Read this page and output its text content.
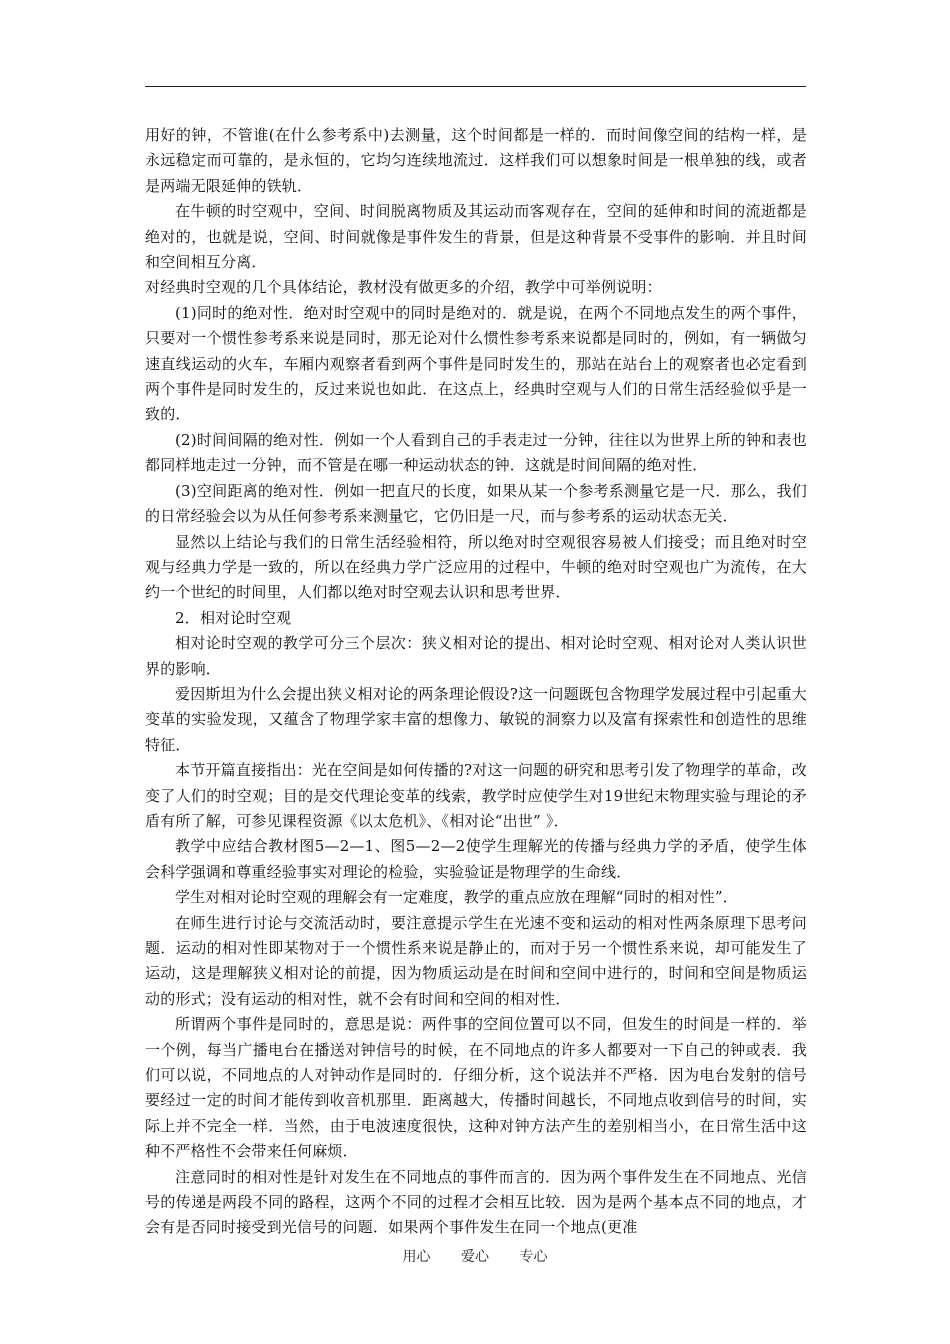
用好的钟，不管谁(在什么参考系中)去测量，这个时间都是一样的．而时间像空间的结构一样，是永远稳定而可靠的，是永恒的，它均匀连续地流过．这样我们可以想象时间是一根单独的线，或者是两端无限延伸的铁轨．

在牛顿的时空观中，空间、时间脱离物质及其运动而客观存在，空间的延伸和时间的流逝都是绝对的，也就是说，空间、时间就像是事件发生的背景，但是这种背景不受事件的影响．并且时间和空间相互分离．

对经典时空观的几个具体结论，教材没有做更多的介绍，教学中可举例说明：

(1)同时的绝对性．绝对时空观中的同时是绝对的．就是说，在两个不同地点发生的两个事件，只要对一个惯性参考系来说是同时，那无论对什么惯性参考系来说都是同时的，例如，有一辆做匀速直线运动的火车，车厢内观察者看到两个事件是同时发生的，那站在站台上的观察者也必定看到两个事件是同时发生的，反过来说也如此．在这点上，经典时空观与人们的日常生活经验似乎是一致的．

(2)时间间隔的绝对性．例如一个人看到自己的手表走过一分钟，往往以为世界上所的钟和表也都同样地走过一分钟，而不管是在哪一种运动状态的钟．这就是时间间隔的绝对性．

(3)空间距离的绝对性．例如一把直尺的长度，如果从某一个参考系测量它是一尺．那么，我们的日常经验会以为从任何参考系来测量它，它仍旧是一尺，而与参考系的运动状态无关．

显然以上结论与我们的日常生活经验相符，所以绝对时空观很容易被人们接受；而且绝对时空观与经典力学是一致的，所以在经典力学广泛应用的过程中，牛顿的绝对时空观也广为流传，在大约一个世纪的时间里，人们都以绝对时空观去认识和思考世界．

2．相对论时空观

相对论时空观的教学可分三个层次：狭义相对论的提出、相对论时空观、相对论对人类认识世界的影响．

爱因斯坦为什么会提出狭义相对论的两条理论假设?这一问题既包含物理学发展过程中引起重大变革的实验发现，又蕴含了物理学家丰富的想像力、敏锐的洞察力以及富有探索性和创造性的思维特征．

本节开篇直接指出：光在空间是如何传播的?对这一问题的研究和思考引发了物理学的革命，改变了人们的时空观；目的是交代理论变革的线索，教学时应使学生对19世纪末物理实验与理论的矛盾有所了解，可参见课程资源《以太危机》、《相对论“出世” 》．

教学中应结合教材图5—2—1、图5—2—2使学生理解光的传播与经典力学的矛盾，使学生体会科学强调和尊重经验事实对理论的检验，实验验证是物理学的生命线．

学生对相对论时空观的理解会有一定难度，教学的重点应放在理解“同时的相对性”．

在师生进行讨论与交流活动时，要注意提示学生在光速不变和运动的相对性两条原理下思考问题．运动的相对性即某物对于一个惯性系来说是静止的，而对于另一个惯性系来说，却可能发生了运动，这是理解狭义相对论的前提，因为物质运动是在时间和空间中进行的，时间和空间是物质运动的形式；没有运动的相对性，就不会有时间和空间的相对性．

所谓两个事件是同时的，意思是说：两件事的空间位置可以不同，但发生的时间是一样的．举一个例，每当广播电台在播送对钟信号的时候，在不同地点的许多人都要对一下自己的钟或表．我们可以说，不同地点的人对钟动作是同时的．仔细分析，这个说法并不严格．因为电台发射的信号要经过一定的时间才能传到收音机那里．距离越大，传播时间越长，不同地点收到信号的时间，实际上并不完全一样．当然，由于电波速度很快，这种对钟方法产生的差别相当小，在日常生活中这种不严格性不会带来任何麻烦．

注意同时的相对性是针对发生在不同地点的事件而言的．因为两个事件发生在不同地点、光信号的传递是两段不同的路程，这两个不同的过程才会相互比较．因为是两个基本点不同的地点，才会有是否同时接受到光信号的问题．如果两个事件发生在同一个地点(更准

用心 爱心 专心
